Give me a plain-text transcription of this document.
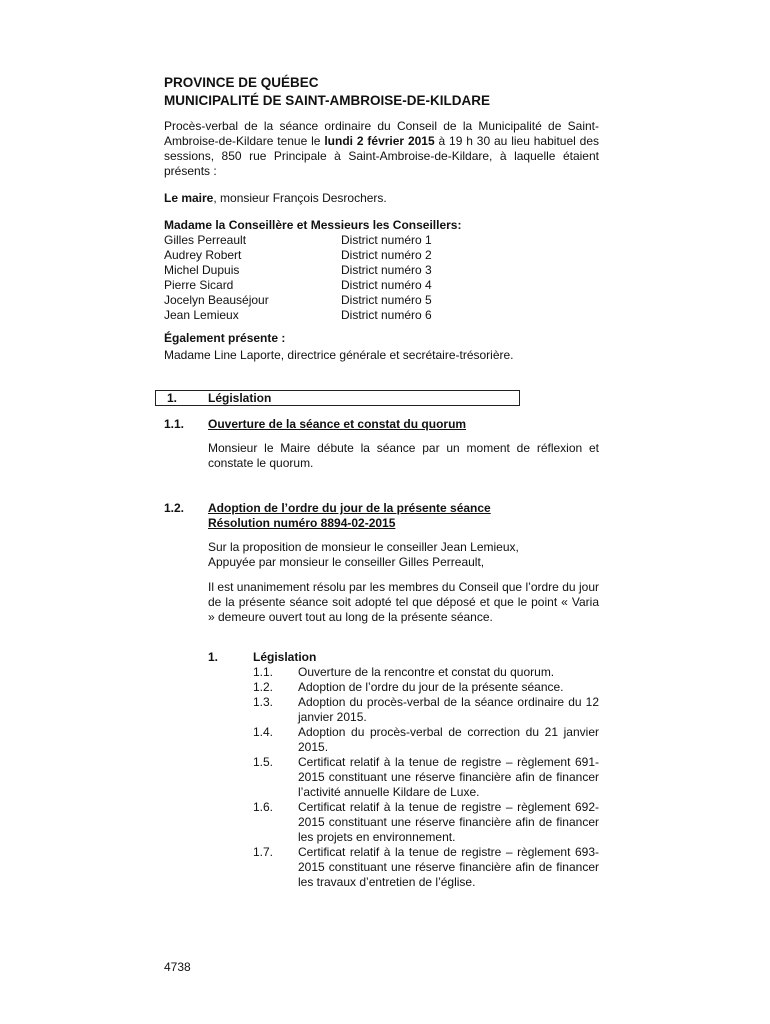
PROVINCE DE QUÉBEC
MUNICIPALITÉ DE SAINT-AMBROISE-DE-KILDARE
Procès-verbal de la séance ordinaire du Conseil de la Municipalité de Saint-Ambroise-de-Kildare tenue le lundi 2 février 2015 à 19 h 30 au lieu habituel des sessions, 850 rue Principale à Saint-Ambroise-de-Kildare, à laquelle étaient présents :
Le maire, monsieur François Desrochers.
Madame la Conseillère et Messieurs les Conseillers:
Gilles Perreault	District numéro 1
Audrey Robert	District numéro 2
Michel Dupuis	District numéro 3
Pierre Sicard	District numéro 4
Jocelyn Beauséjour	District numéro 5
Jean Lemieux	District numéro 6
Également présente :
Madame Line Laporte, directrice générale et secrétaire-trésorière.
1.	Législation
1.1. Ouverture de la séance et constat du quorum
Monsieur le Maire débute la séance par un moment de réflexion et constate le quorum.
1.2. Adoption de l’ordre du jour de la présente séance
Résolution numéro 8894-02-2015
Sur la proposition de monsieur le conseiller Jean Lemieux,
Appuyée par monsieur le conseiller Gilles Perreault,
Il est unanimement résolu par les membres du Conseil que l’ordre du jour de la présente séance soit adopté tel que déposé et que le point « Varia » demeure ouvert tout au long de la présente séance.
1.	Législation
1.1. Ouverture de la rencontre et constat du quorum.
1.2. Adoption de l’ordre du jour de la présente séance.
1.3. Adoption du procès-verbal de la séance ordinaire du 12 janvier 2015.
1.4. Adoption du procès-verbal de correction du 21 janvier 2015.
1.5. Certificat relatif à la tenue de registre – règlement 691-2015 constituant une réserve financière afin de financer l’activité annuelle Kildare de Luxe.
1.6. Certificat relatif à la tenue de registre – règlement 692-2015 constituant une réserve financière afin de financer les projets en environnement.
1.7. Certificat relatif à la tenue de registre – règlement 693-2015 constituant une réserve financière afin de financer les travaux d’entretien de l’église.
4738
